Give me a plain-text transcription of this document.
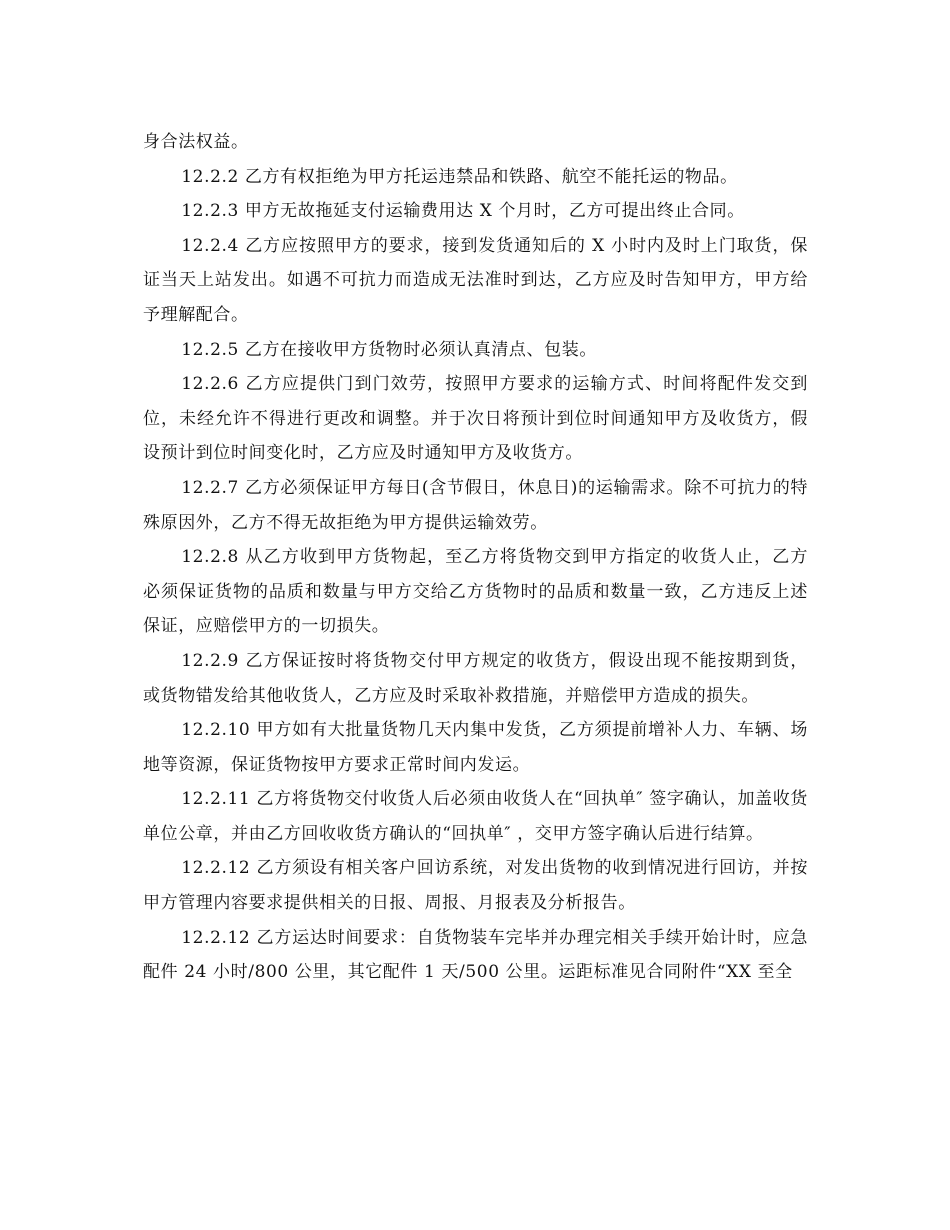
身合法权益。

12.2.2 乙方有权拒绝为甲方托运违禁品和铁路、航空不能托运的物品。

12.2.3 甲方无故拖延支付运输费用达 X 个月时，乙方可提出终止合同。

12.2.4 乙方应按照甲方的要求，接到发货通知后的 X 小时内及时上门取货，保证当天上站发出。如遇不可抗力而造成无法准时到达，乙方应及时告知甲方，甲方给予理解配合。

12.2.5 乙方在接收甲方货物时必须认真清点、包装。

12.2.6 乙方应提供门到门效劳，按照甲方要求的运输方式、时间将配件发交到位，未经允许不得进行更改和调整。并于次日将预计到位时间通知甲方及收货方，假设预计到位时间变化时，乙方应及时通知甲方及收货方。

12.2.7 乙方必须保证甲方每日(含节假日，休息日)的运输需求。除不可抗力的特殊原因外，乙方不得无故拒绝为甲方提供运输效劳。

12.2.8 从乙方收到甲方货物起，至乙方将货物交到甲方指定的收货人止，乙方必须保证货物的品质和数量与甲方交给乙方货物时的品质和数量一致，乙方违反上述保证，应赔偿甲方的一切损失。

12.2.9 乙方保证按时将货物交付甲方规定的收货方，假设出现不能按期到货，或货物错发给其他收货人，乙方应及时采取补救措施，并赔偿甲方造成的损失。

12.2.10 甲方如有大批量货物几天内集中发货，乙方须提前增补人力、车辆、场地等资源，保证货物按甲方要求正常时间内发运。

12.2.11 乙方将货物交付收货人后必须由收货人在“回执单″ 签字确认，加盖收货单位公章，并由乙方回收收货方确认的“回执单″ ，交甲方签字确认后进行结算。

12.2.12 乙方须设有相关客户回访系统，对发出货物的收到情况进行回访，并按甲方管理内容要求提供相关的日报、周报、月报表及分析报告。

12.2.12 乙方运达时间要求：自货物装车完毕并办理完相关手续开始计时，应急配件 24 小时/800 公里，其它配件 1 天/500 公里。运距标准见合同附件“XX 至全
